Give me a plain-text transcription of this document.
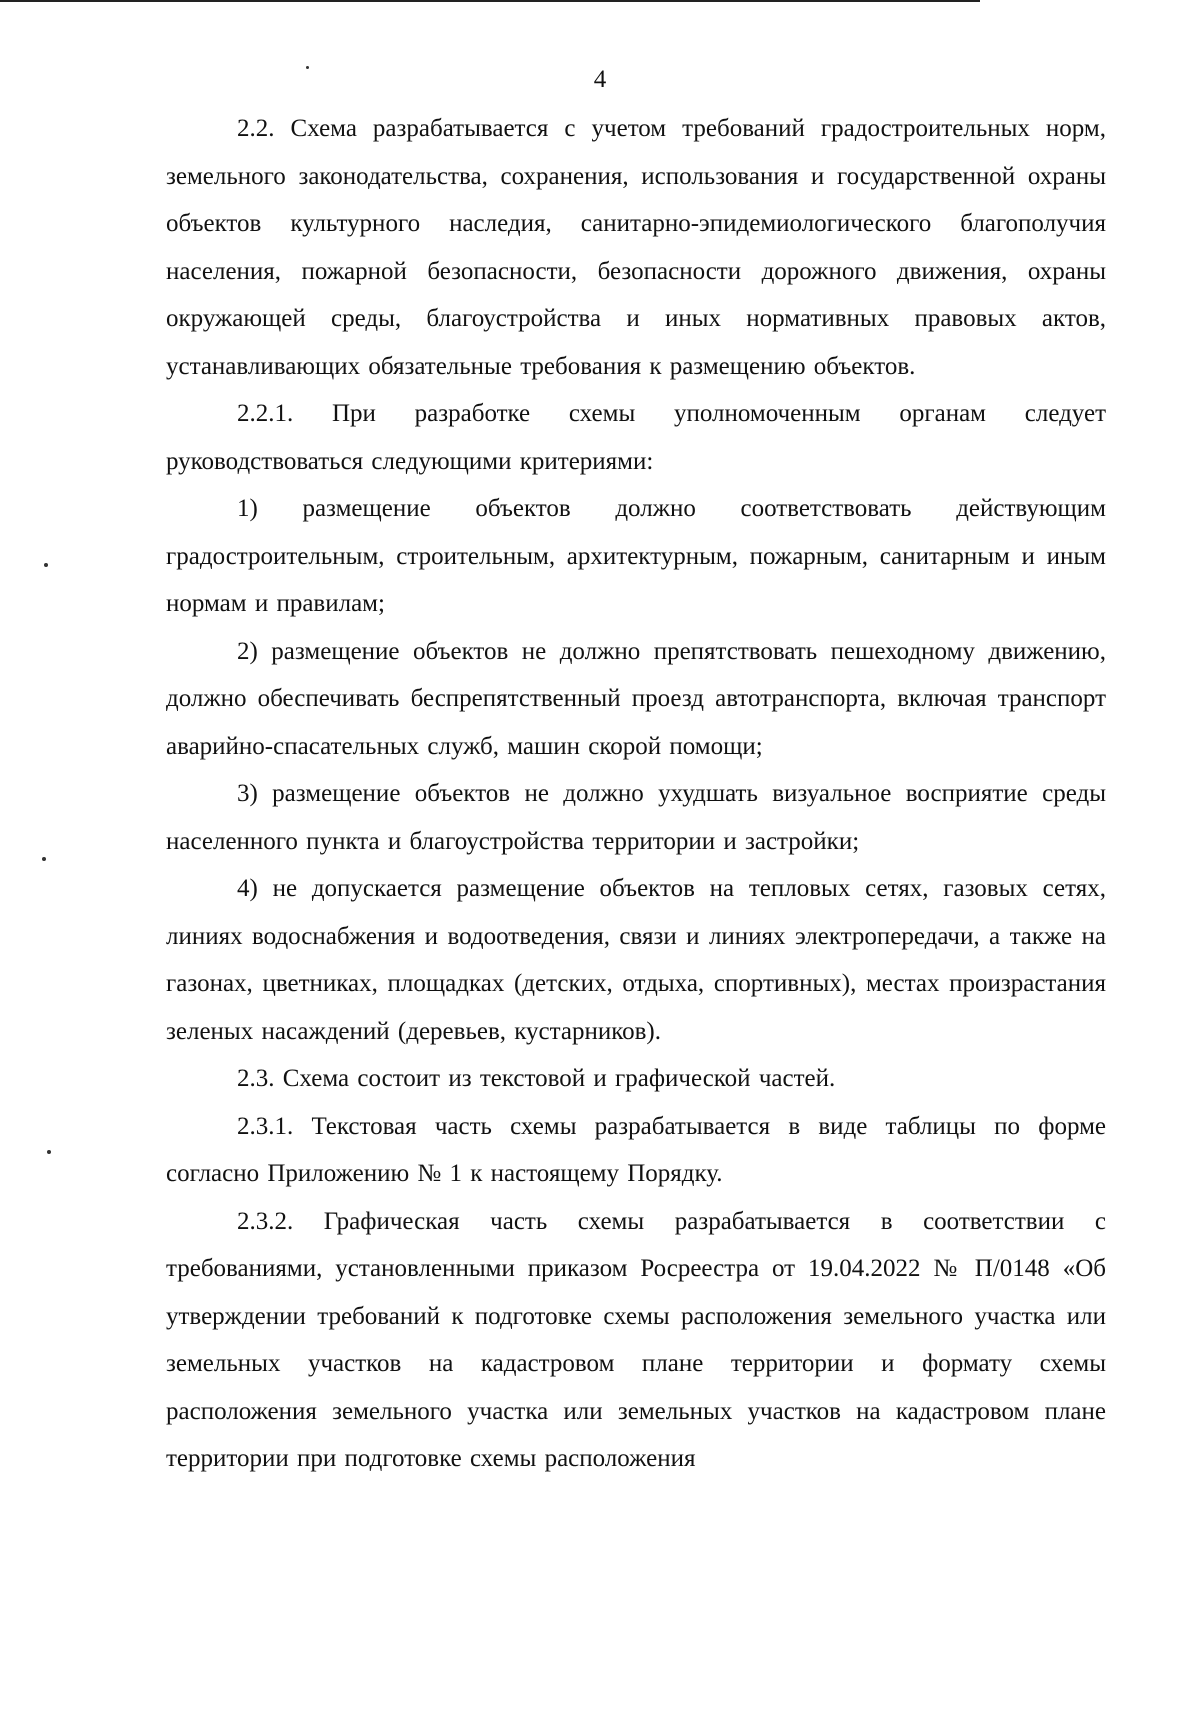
4

2.2. Схема разрабатывается с учетом требований градостроительных норм, земельного законодательства, сохранения, использования и государственной охраны объектов культурного наследия, санитарно-эпидемиологического благополучия населения, пожарной безопасности, безопасности дорожного движения, охраны окружающей среды, благоустройства и иных нормативных правовых актов, устанавливающих обязательные требования к размещению объектов.

2.2.1. При разработке схемы уполномоченным органам следует руководствоваться следующими критериями:

1) размещение объектов должно соответствовать действующим градостроительным, строительным, архитектурным, пожарным, санитарным и иным нормам и правилам;

2) размещение объектов не должно препятствовать пешеходному движению, должно обеспечивать беспрепятственный проезд автотранспорта, включая транспорт аварийно-спасательных служб, машин скорой помощи;

3) размещение объектов не должно ухудшать визуальное восприятие среды населенного пункта и благоустройства территории и застройки;

4) не допускается размещение объектов на тепловых сетях, газовых сетях, линиях водоснабжения и водоотведения, связи и линиях электропередачи, а также на газонах, цветниках, площадках (детских, отдыха, спортивных), местах произрастания зеленых насаждений (деревьев, кустарников).

2.3. Схема состоит из текстовой и графической частей.

2.3.1. Текстовая часть схемы разрабатывается в виде таблицы по форме согласно Приложению № 1 к настоящему Порядку.

2.3.2. Графическая часть схемы разрабатывается в соответствии с требованиями, установленными приказом Росреестра от 19.04.2022 № П/0148 «Об утверждении требований к подготовке схемы расположения земельного участка или земельных участков на кадастровом плане территории и формату схемы расположения земельного участка или земельных участков на кадастровом плане территории при подготовке схемы расположения
